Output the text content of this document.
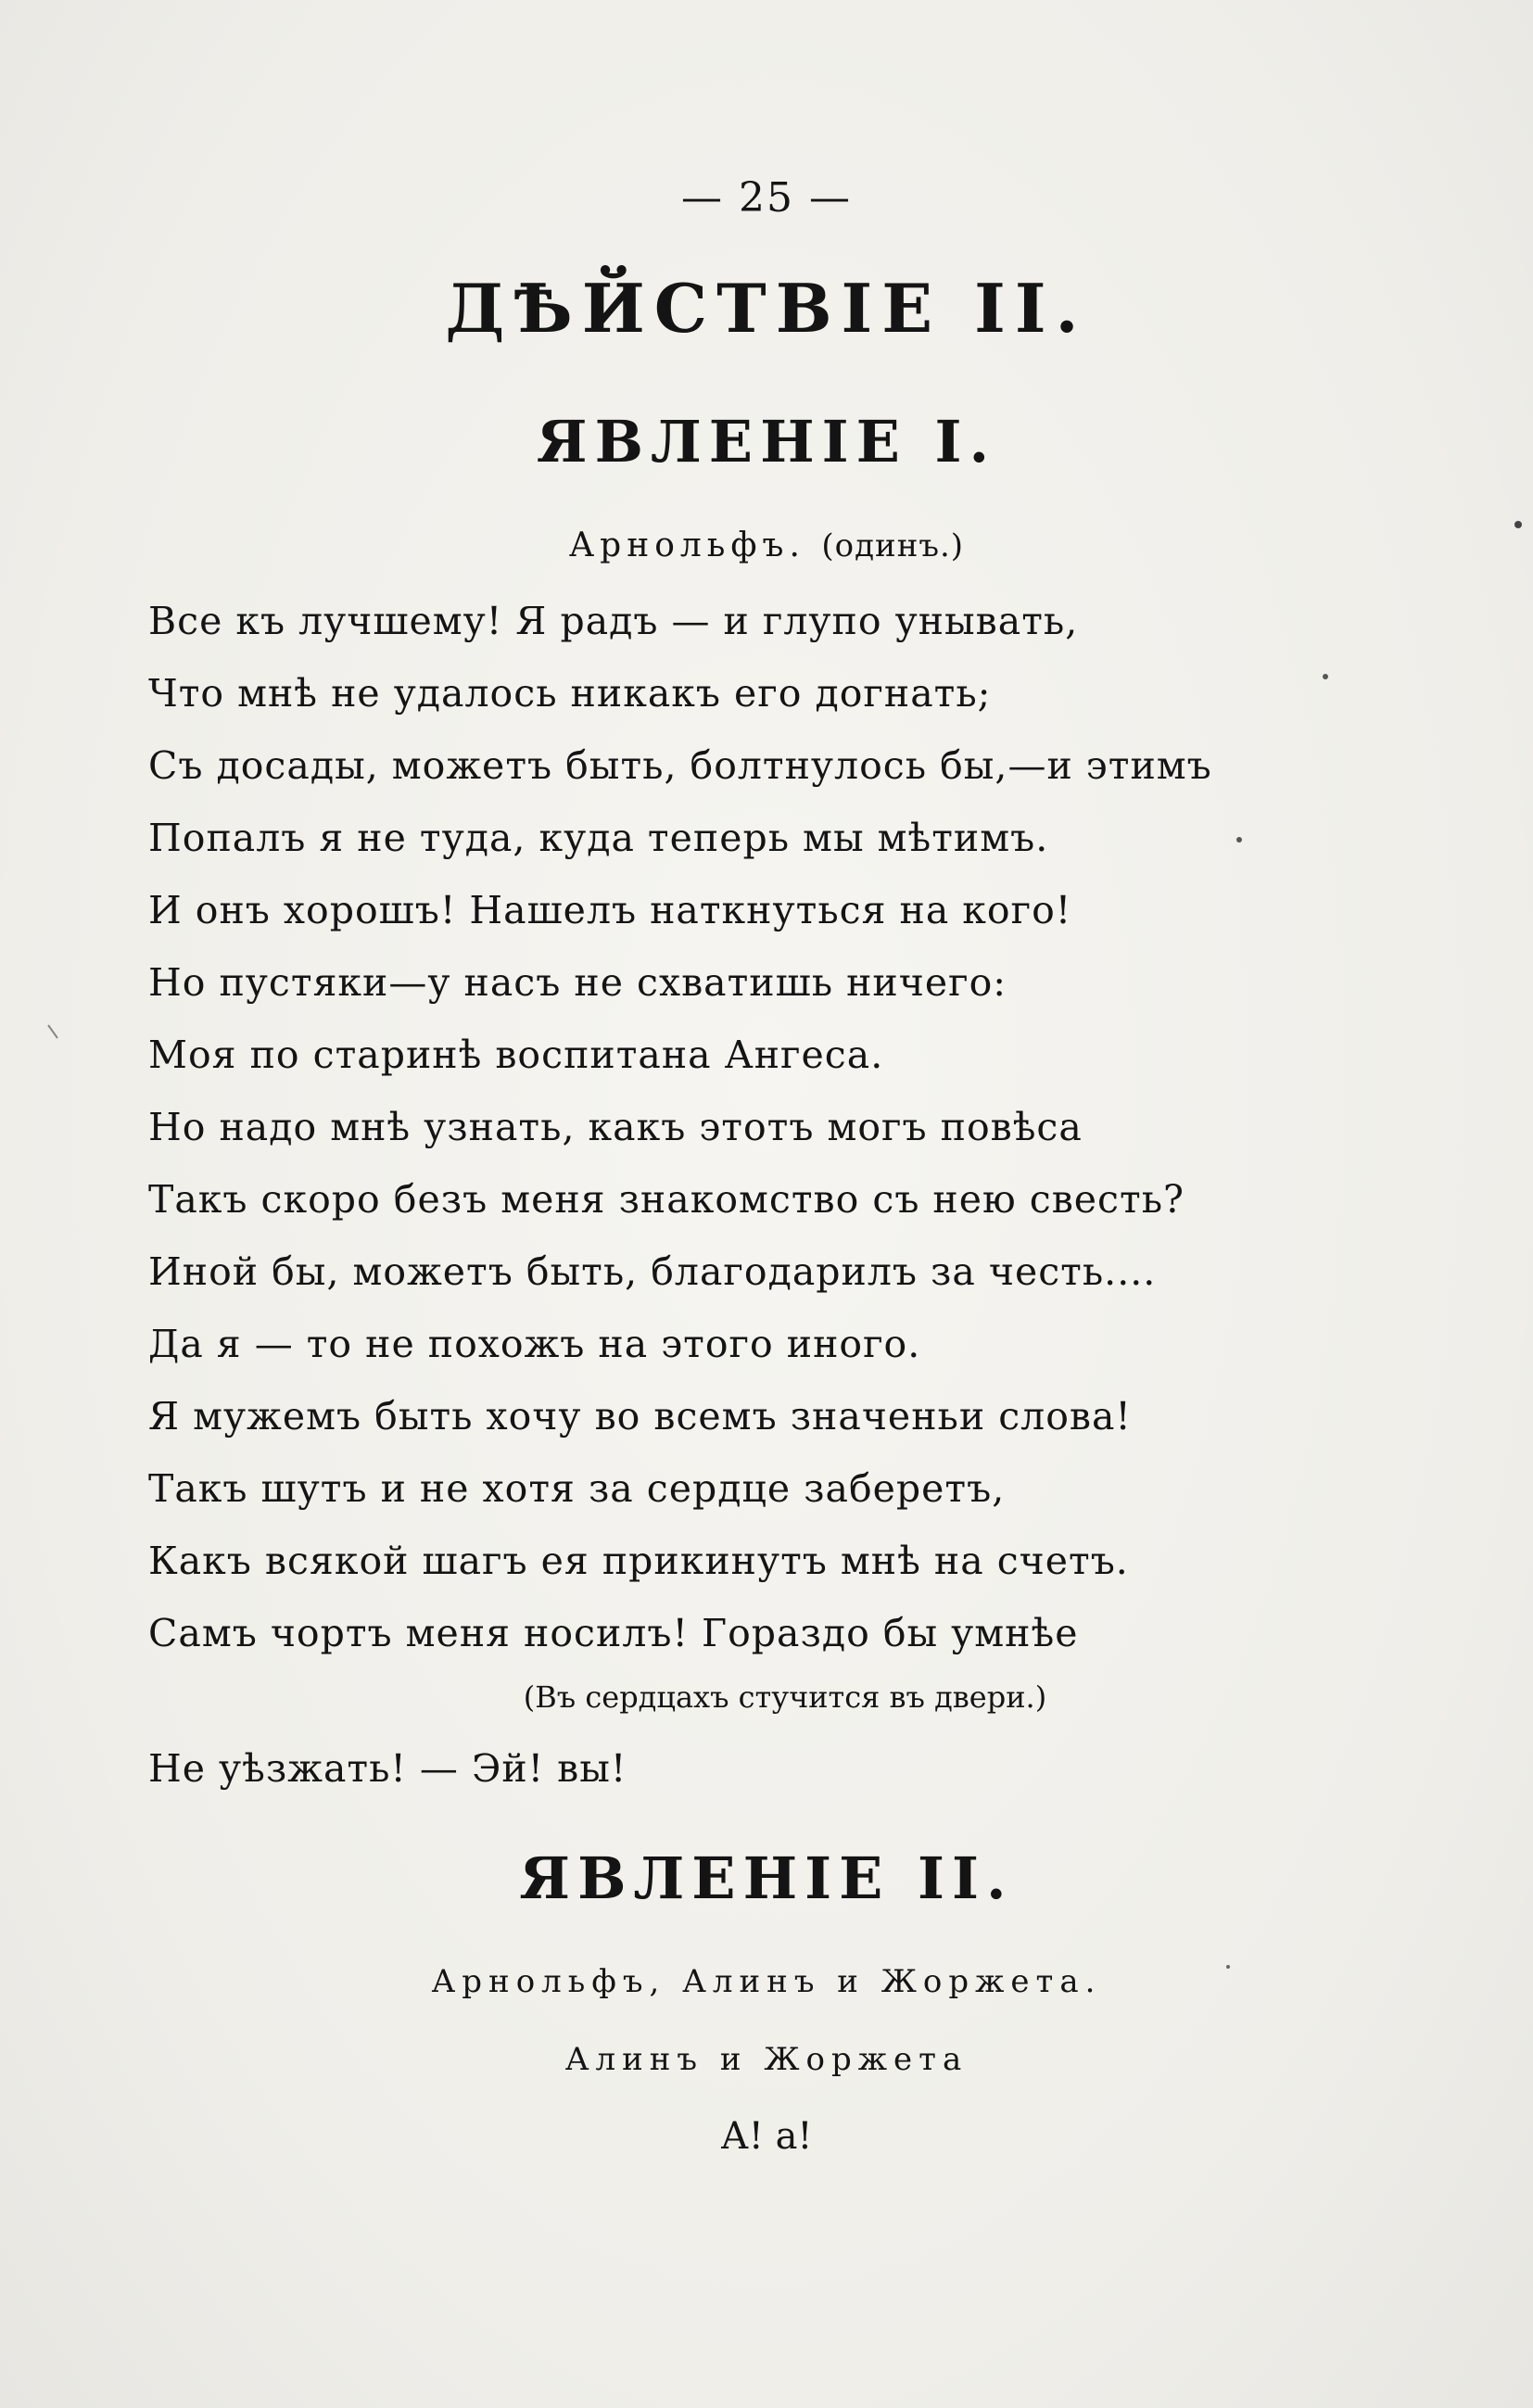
— 25 —
ДѢЙСТВІЕ II.
ЯВЛЕНІЕ I.
Арнольфъ. (одинъ.)
Все къ лучшему! Я радъ — и глупо унывать,
Что мнѣ не удалось никакъ его догнать;
Съ досады, можетъ быть, болтнулось бы,—и этимъ
Попалъ я не туда, куда теперь мы мѣтимъ.
И онъ хорошъ! Нашелъ наткнуться на кого!
Но пустяки—у насъ не схватишь ничего:
Моя по старинѣ воспитана Ангеса.
Но надо мнѣ узнать, какъ этотъ могъ повѣса
Такъ скоро безъ меня знакомство съ нею свесть?
Иной бы, можетъ быть, благодарилъ за честь....
Да я — то не похожъ на этого иного.
Я мужемъ быть хочу во всемъ значеньи слова!
Такъ шутъ и не хотя за сердце заберетъ,
Какъ всякой шагъ ея прикинутъ мнѣ на счетъ.
Самъ чортъ меня носилъ! Гораздо бы умнѣе
(Въ сердцахъ стучится въ двери.)
Не уѣзжать! — Эй! вы!
ЯВЛЕНІЕ II.
Арнольфъ, Алинъ и Жоржета.
Алинъ и Жоржета
А! а!
